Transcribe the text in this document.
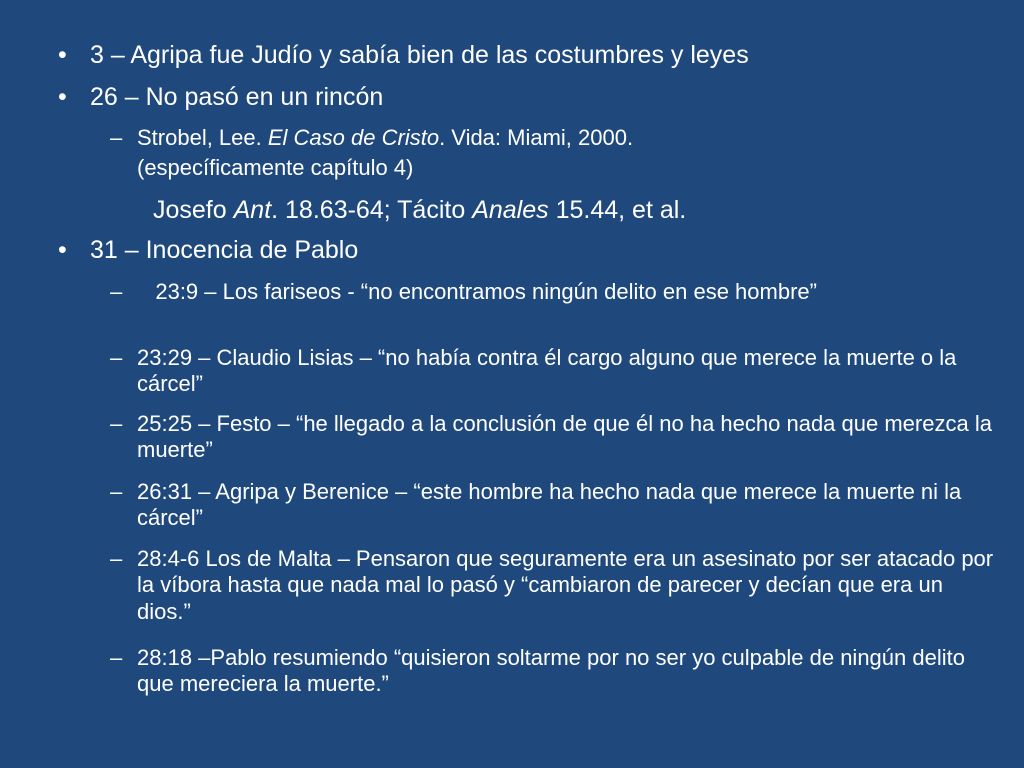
• 3 – Agripa fue Judío y sabía bien de las costumbres y leyes
• 26 – No pasó en un rincón
– Strobel, Lee. El Caso de Cristo. Vida: Miami, 2000.
(específicamente capítulo 4)
Josefo Ant. 18.63-64; Tácito Anales 15.44, et al.
• 31 – Inocencia de Pablo
– 23:9 – Los fariseos - “no encontramos ningún delito en ese hombre”
– 23:29 – Claudio Lisias – “no había contra él cargo alguno que merece la muerte o la cárcel”
– 25:25 – Festo – “he llegado a la conclusión de que él no ha hecho nada que merezca la muerte”
– 26:31 – Agripa y Berenice – “este hombre ha hecho nada que merece la muerte ni la cárcel”
– 28:4-6 Los de Malta – Pensaron que seguramente era un asesinato por ser atacado por la víbora hasta que nada mal lo pasó y “cambiaron de parecer y decían que era un dios.”
– 28:18 –Pablo resumiendo “quisieron soltarme por no ser yo culpable de ningún delito que mereciera la muerte.”
